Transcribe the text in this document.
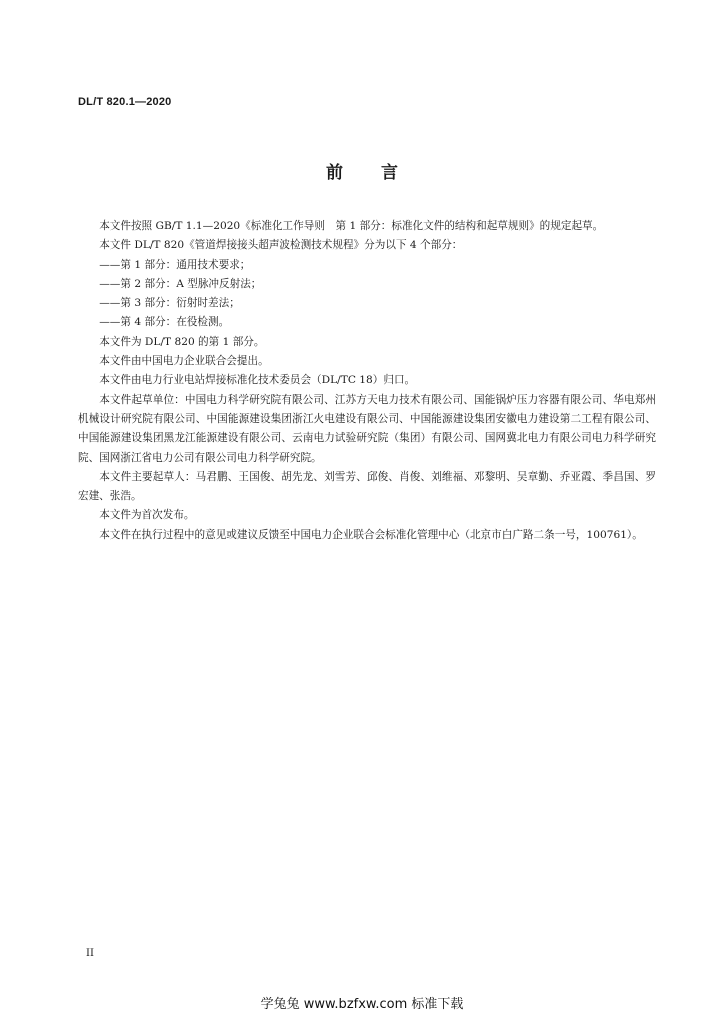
DL/T 820.1—2020
前 言

本文件按照 GB/T 1.1—2020《标准化工作导则　第 1 部分：标准化文件的结构和起草规则》的规定起草。

本文件 DL/T 820《管道焊接接头超声波检测技术规程》分为以下 4 个部分：

——第 1 部分：通用技术要求；

——第 2 部分：A 型脉冲反射法；

——第 3 部分：衍射时差法；

——第 4 部分：在役检测。

本文件为 DL/T 820 的第 1 部分。

本文件由中国电力企业联合会提出。

本文件由电力行业电站焊接标准化技术委员会（DL/TC 18）归口。

本文件起草单位：中国电力科学研究院有限公司、江苏方天电力技术有限公司、国能锅炉压力容器有限公司、华电郑州机械设计研究院有限公司、中国能源建设集团浙江火电建设有限公司、中国能源建设集团安徽电力建设第二工程有限公司、中国能源建设集团黑龙江能源建设有限公司、云南电力试验研究院（集团）有限公司、国网冀北电力有限公司电力科学研究院、国网浙江省电力公司有限公司电力科学研究院。

本文件主要起草人：马君鹏、王国俊、胡先龙、刘雪芳、邱俊、肖俊、刘维福、邓黎明、吴章勤、乔亚霞、季昌国、罗宏建、张浩。

本文件为首次发布。

本文件在执行过程中的意见或建议反馈至中国电力企业联合会标准化管理中心（北京市白广路二条一号，100761）。

II
学兔兔 www.bzfxw.com 标准下载
